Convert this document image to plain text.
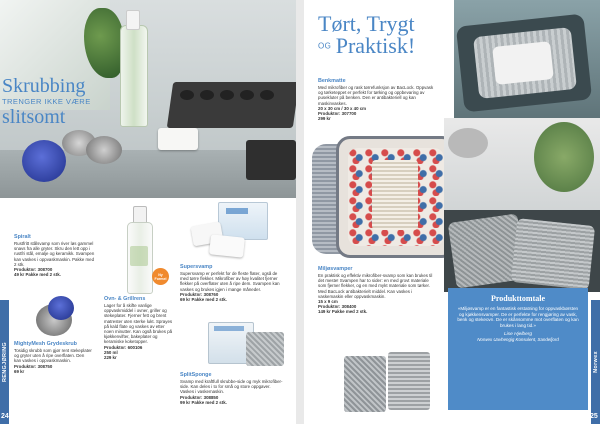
Skrubbing
TRENGER IKKE VÆRE
slitsomt

Spiralt

Rustfritt stålsvamp som river løs gammel snavs fra alle gryter. Skru den lett opp i rustfri stål, emalje og keramikk. Svampen kan vaskes i oppvaskmaskin. Pakke med 2 stk.

Produktnr: 308700

49 kr Pakke med 2 stk.

MightyMesh Grydeskrub

Tosidig skrubb som gjør rent stekeplater og gryter uten å ripe overflaten. Den kan vaskes i oppvaskmaskin.

Produktnr: 308750

69 kr

Ny Formel

Ovn- & Grillrens

Lager for å skifte vanlige oppvaskmiddel i ovner, griller og stekeplater. Fjerner fett og brent matrester uten sterke lukt. Sprayes på kald flate og vaskes av etter noen minutter. Kan også brukes på kjøkkenvifter, bakeplater og keramiske koketopper.

Produktnr: 600106

250 ml

229 kr

Supersvamp

Supersvamp er perfekt for de fleste flater, også de med tørre flekker. Mikrofiber av høy kvalitet fjerner flekker på overflater uten å ripe dem. Svampen kan vaskes og brukes igjen i mange måneder.

Produktnr: 308760

69 kr Pakke med 2 stk.

SplitSponge

Svamp med kraftfull skrubbe-side og myk mikrofiber-side. Kan deles i to for små og store oppgaver. Vaskes i vaskemaskin.

Produktnr: 308850

99 kr Pakke med 2 stk.

RENGJØRING
24
Tørt, Trygt
OG Praktisk!

Benkmatte

Med mikrofiber og rask tørrefunksjon av BacLock. Oppvask og tørketeppet er perfekt for tørking og oppbevaring av pusekluter på benken. Den er antibakteriell og kan maskinvaskes.

20 x 30 cm / 30 x 40 cm

Produktnr: 307700

299 kr

Miljøsvamper

En praktisk og effektiv mikrofiber-svamp som kan brukes til det meste! Svampen har to sider: en med grovt materiale som fjerner flekker, og en med mykt materiale som tørker. Med BacLock antibakterielt middel. Kan vaskes i vaskemaskin eller oppvaskmaskin.

15 x 9 cm

Produktnr: 308400

149 kr Pakke med 2 stk.

Produkttomtale
«Miljøsvamp er en fantastisk erstatning for oppvaskbørsten og kjøkkensvamper. De er perfekte for rengjøring av vask, benk og stekeovn. De er skånsomme mot overflaten og kan brukes i lang tid.»
Lise Hjelberg
Norwex Uavhengig Konsulent, Sandefjord
Norwex
25
